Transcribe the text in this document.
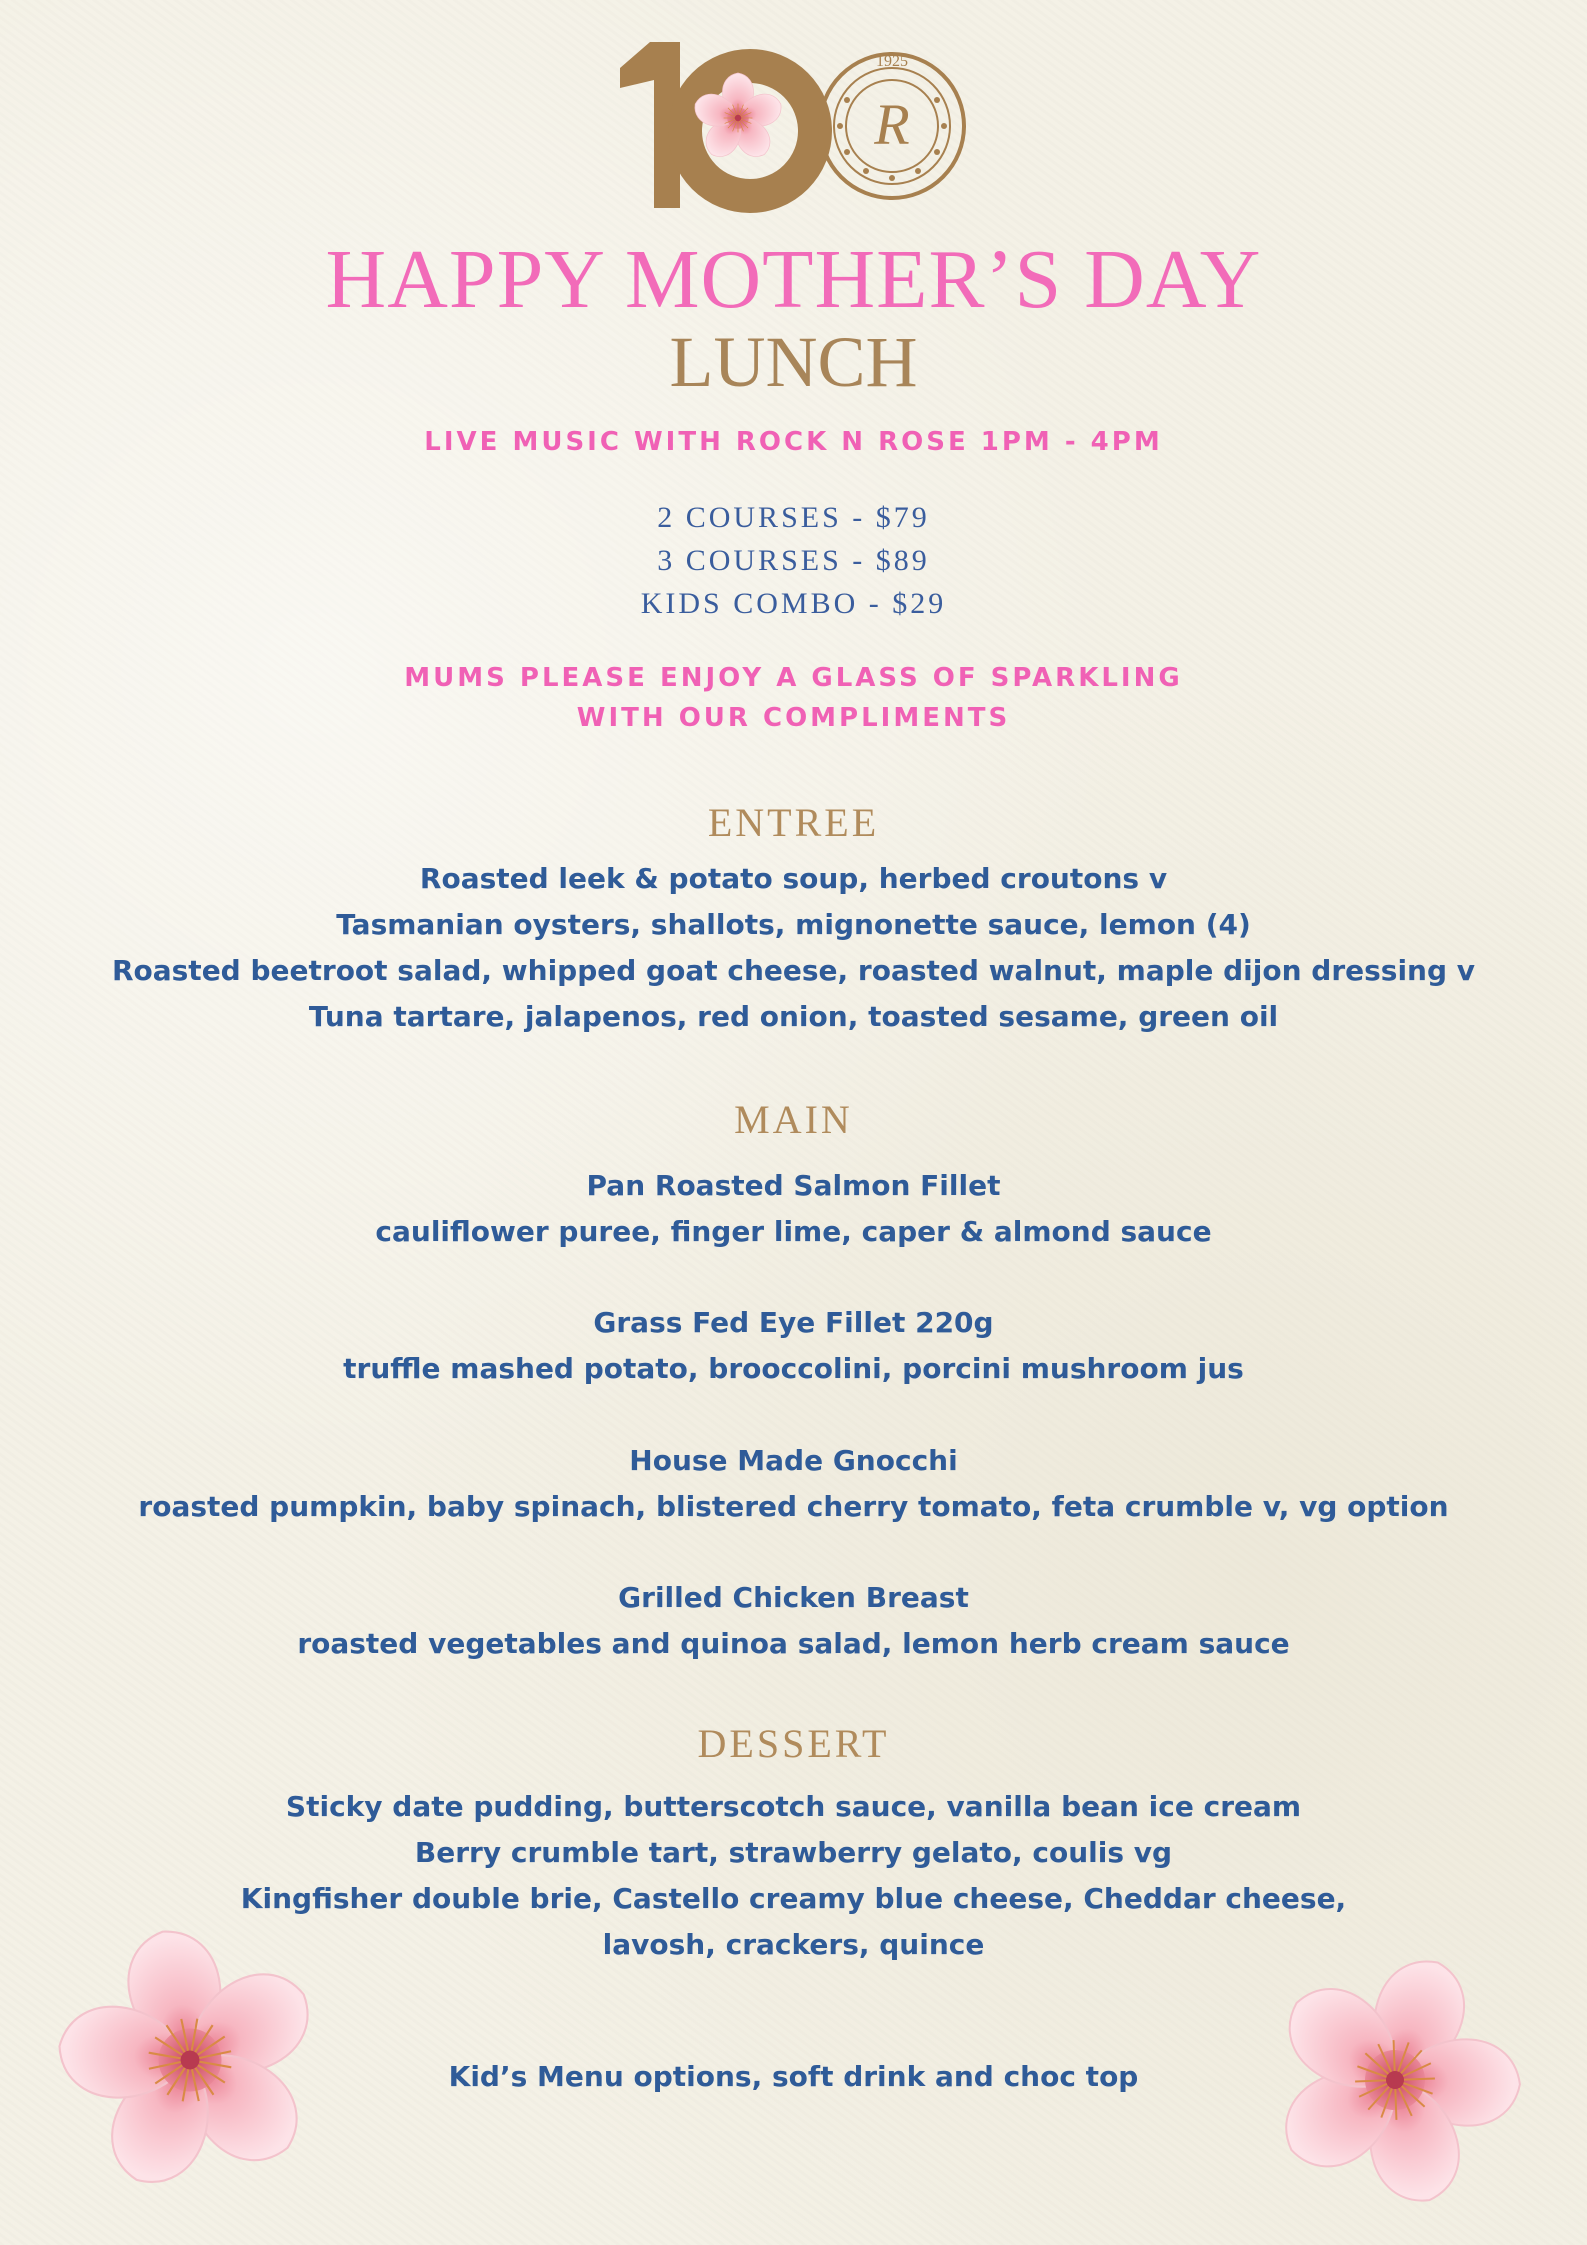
1925
R
HAPPY MOTHER’S DAY
LUNCH
LIVE MUSIC WITH ROCK N ROSE 1PM - 4PM
2 COURSES - $79
3 COURSES - $89
KIDS COMBO - $29
MUMS PLEASE ENJOY A GLASS OF SPARKLING
WITH OUR COMPLIMENTS
ENTREE
Roasted leek & potato soup, herbed croutons v
Tasmanian oysters, shallots, mignonette sauce, lemon (4)
Roasted beetroot salad, whipped goat cheese, roasted walnut, maple dijon dressing v
Tuna tartare, jalapenos, red onion, toasted sesame, green oil
MAIN
Pan Roasted Salmon Fillet
cauliflower puree, finger lime, caper & almond sauce
Grass Fed Eye Fillet 220g
truffle mashed potato, brooccolini, porcini mushroom jus
House Made Gnocchi
roasted pumpkin, baby spinach, blistered cherry tomato, feta crumble v, vg option
Grilled Chicken Breast
roasted vegetables and quinoa salad, lemon herb cream sauce
DESSERT
Sticky date pudding, butterscotch sauce, vanilla bean ice cream
Berry crumble tart, strawberry gelato, coulis vg
Kingfisher double brie, Castello creamy blue cheese, Cheddar cheese,
lavosh, crackers, quince
Kid’s Menu options, soft drink and choc top
